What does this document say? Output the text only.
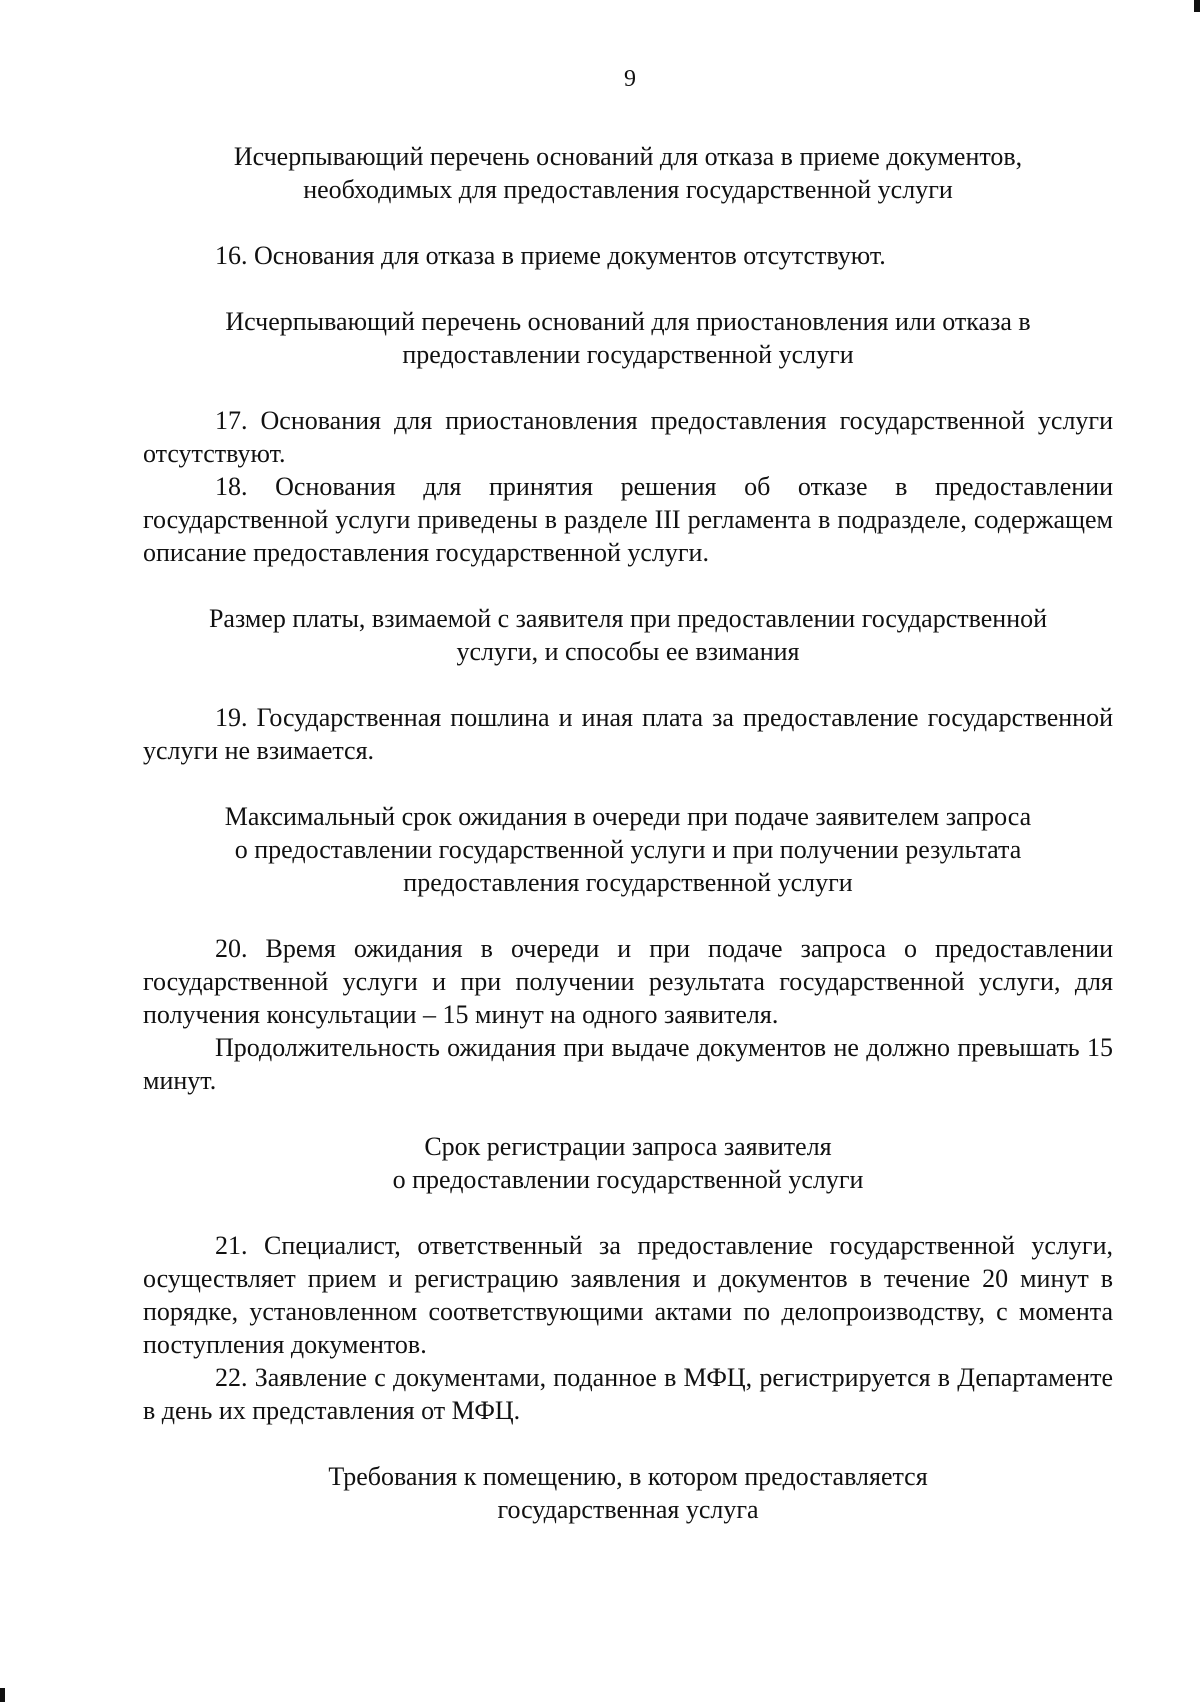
9
Исчерпывающий перечень оснований для отказа в приеме документов,
необходимых для предоставления государственной услуги

16. Основания для отказа в приеме документов отсутствуют.

Исчерпывающий перечень оснований для приостановления или отказа в
предоставлении государственной услуги

17. Основания для приостановления предоставления государственной услуги отсутствуют.

18. Основания для принятия решения об отказе в предоставлении государственной услуги приведены в разделе III регламента в подразделе, содержащем описание предоставления государственной услуги.

Размер платы, взимаемой с заявителя при предоставлении государственной
услуги, и способы ее взимания

19. Государственная пошлина и иная плата за предоставление государственной услуги не взимается.

Максимальный срок ожидания в очереди при подаче заявителем запроса
о предоставлении государственной услуги и при получении результата
предоставления государственной услуги

20. Время ожидания в очереди и при подаче запроса о предоставлении государственной услуги и при получении результата государственной услуги, для получения консультации – 15 минут на одного заявителя.

Продолжительность ожидания при выдаче документов не должно превышать 15 минут.

Срок регистрации запроса заявителя
о предоставлении государственной услуги

21. Специалист, ответственный за предоставление государственной услуги, осуществляет прием и регистрацию заявления и документов в течение 20 минут в порядке, установленном соответствующими актами по делопроизводству, с момента поступления документов.

22. Заявление с документами, поданное в МФЦ, регистрируется в Департаменте в день их представления от МФЦ.

Требования к помещению, в котором предоставляется
государственная услуга
